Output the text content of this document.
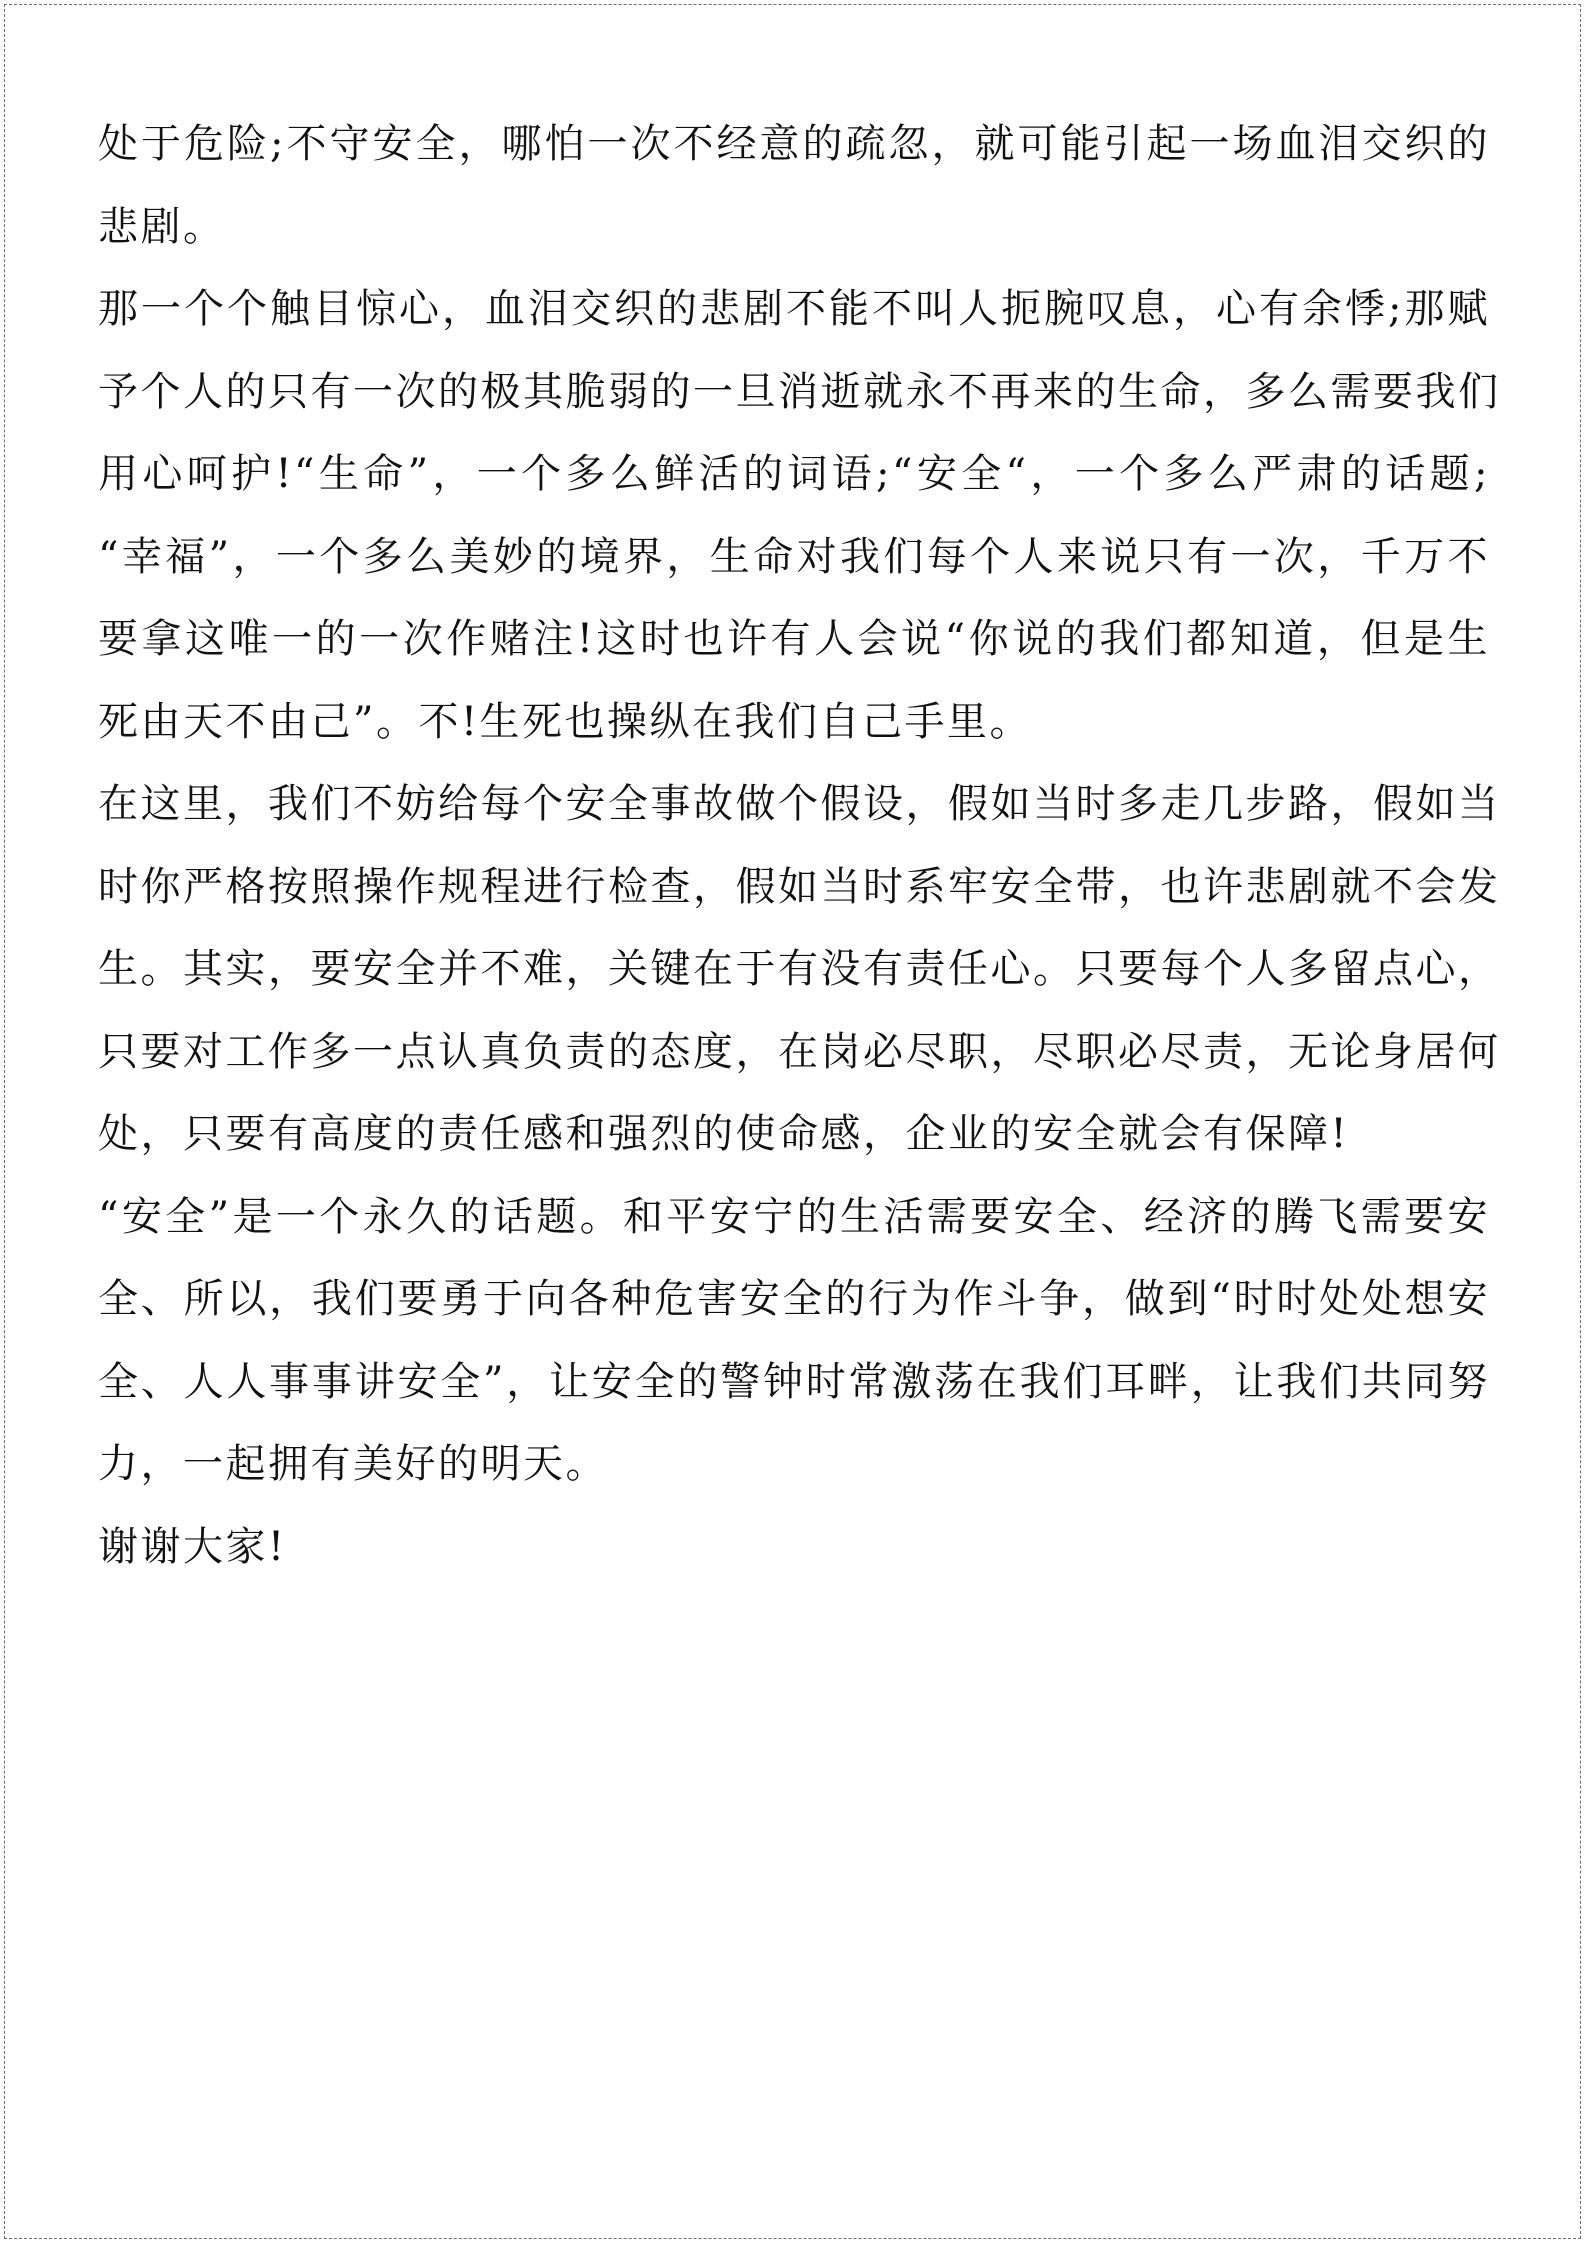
处于危险;不守安全，哪怕一次不经意的疏忽，就可能引起一场血泪交织的
悲剧。

那一个个触目惊心，血泪交织的悲剧不能不叫人扼腕叹息，心有余悸;那赋
予个人的只有一次的极其脆弱的一旦消逝就永不再来的生命，多么需要我们
用心呵护!“生命”，一个多么鲜活的词语;“安全“，一个多么严肃的话题;
“幸福”，一个多么美妙的境界，生命对我们每个人来说只有一次，千万不
要拿这唯一的一次作赌注!这时也许有人会说“你说的我们都知道，但是生
死由天不由己”。不!生死也操纵在我们自己手里。

在这里，我们不妨给每个安全事故做个假设，假如当时多走几步路，假如当
时你严格按照操作规程进行检查，假如当时系牢安全带，也许悲剧就不会发
生。其实，要安全并不难，关键在于有没有责任心。只要每个人多留点心，
只要对工作多一点认真负责的态度，在岗必尽职，尽职必尽责，无论身居何
处，只要有高度的责任感和强烈的使命感，企业的安全就会有保障!

“安全”是一个永久的话题。和平安宁的生活需要安全、经济的腾飞需要安
全、所以，我们要勇于向各种危害安全的行为作斗争，做到“时时处处想安
全、人人事事讲安全”，让安全的警钟时常激荡在我们耳畔，让我们共同努
力，一起拥有美好的明天。

谢谢大家!
